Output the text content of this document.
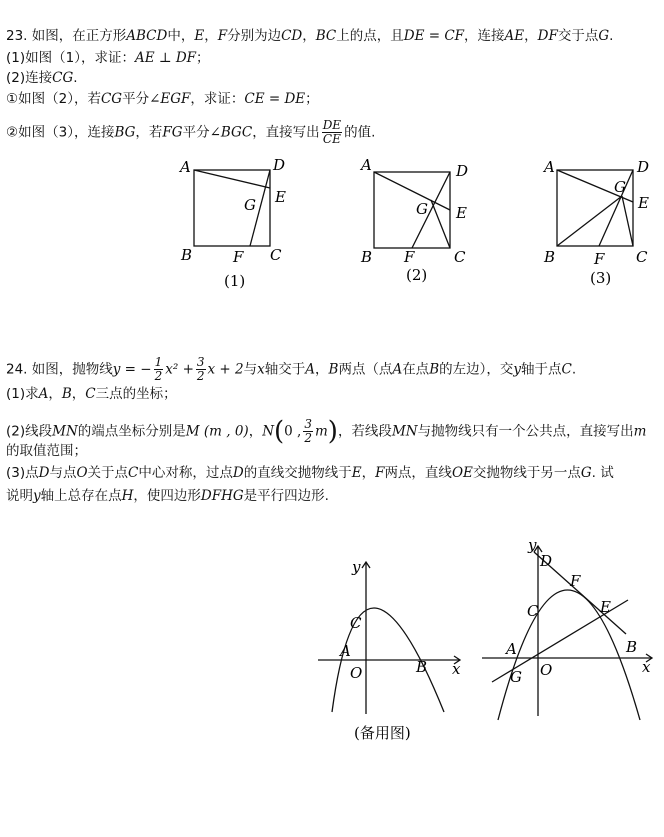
23. 如图，在正方形ABCD中，E，F分别为边CD，BC上的点，且DE = CF，连接AE，DF交于点G.
(1)如图（1），求证：AE ⊥ DF；
(2)连接CG.
①如图（2），若CG平分∠EGF，求证：CE = DE；
②如图（3），连接BG，若FG平分∠BGC，直接写出 $\frac{DE}{CE}$ 的值.
A	D
E
G
B	F C
(1)
A	D
E
G
B F	C
(2)
A	D
E
G
B	F C
(3)
24. 如图，抛物线y = − $\frac{1}{2} x^2 + \frac{3}{2}$ x + 2与x轴交于A，B两点（点A在点B的左边），交y轴于点C.
(1)求A，B，C三点的坐标；
(2)线段MN的端点坐标分别是M (m , 0)，N(0 , $\frac{3}{2} m$)，若线段MN与抛物线只有一个公共点，直接写出m
的取值范围；
(3)点D与点O关于点C中心对称，过点D的直线交抛物线于E，F两点，直线OE交抛物线于另一点G. 试
说明y轴上总存在点H，使四边形DFHG是平行四边形.
y
x
O
A
B
C
(备用图)
y
x
D
C
F
E
A
O
B
G
